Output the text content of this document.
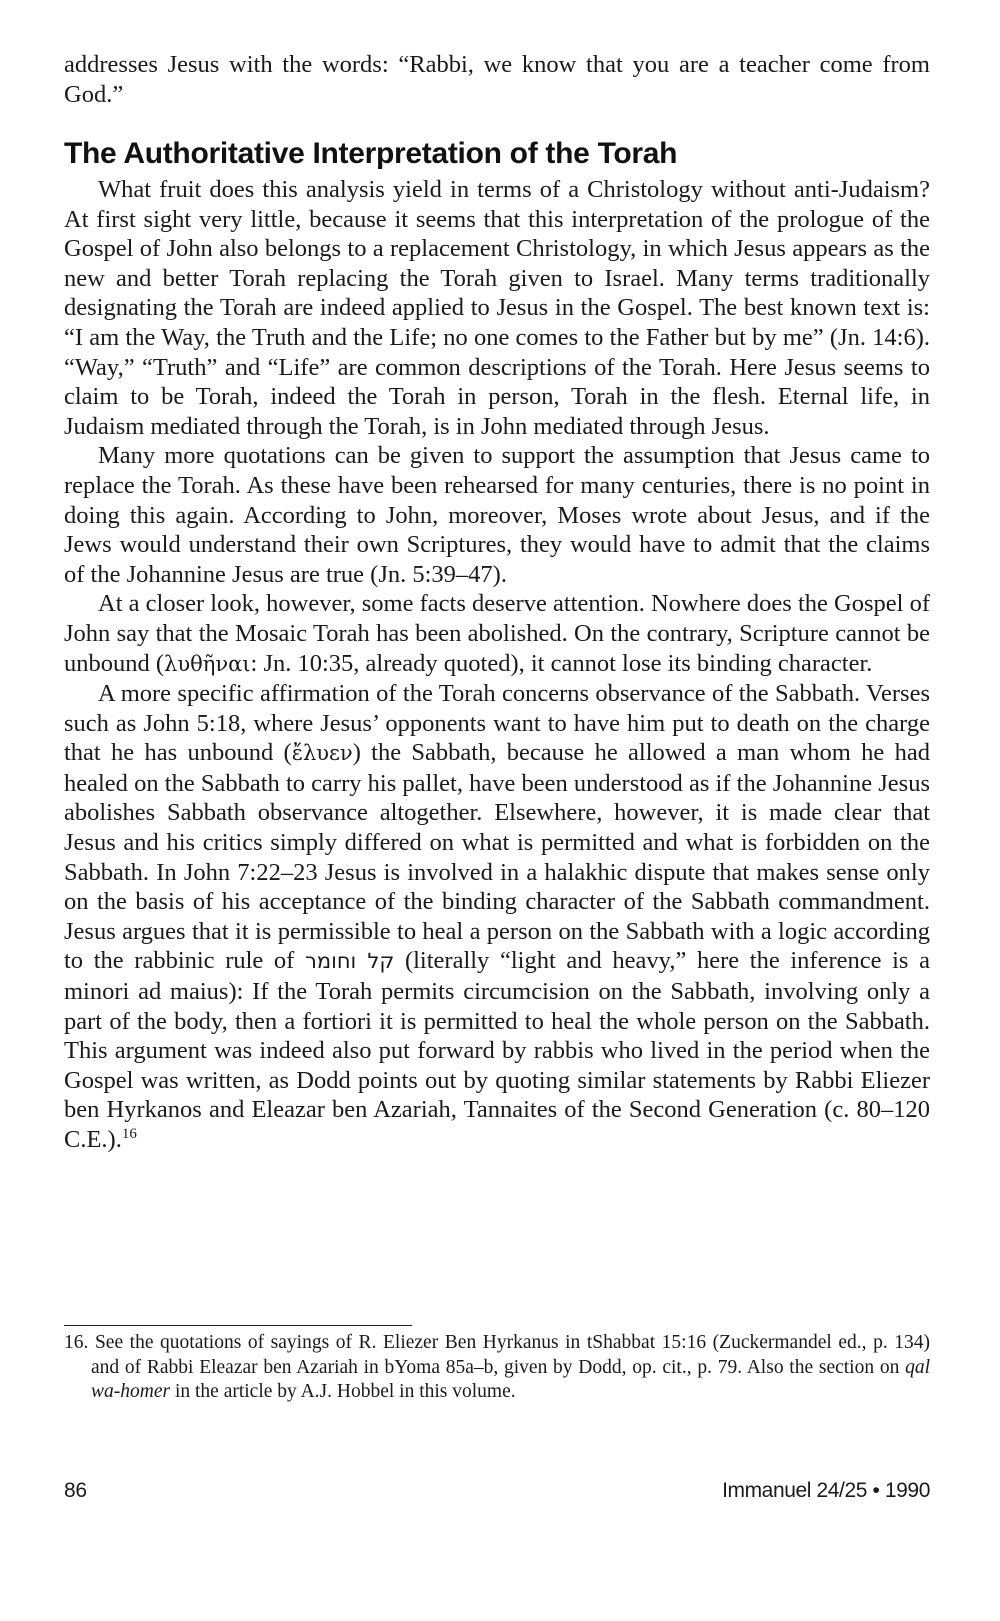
addresses Jesus with the words: “Rabbi, we know that you are a teacher come from God.”

The Authoritative Interpretation of the Torah

What fruit does this analysis yield in terms of a Christology without anti-Judaism? At first sight very little, because it seems that this interpretation of the prologue of the Gospel of John also belongs to a replacement Christology, in which Jesus appears as the new and better Torah replacing the Torah given to Israel. Many terms traditionally designating the Torah are indeed applied to Jesus in the Gospel. The best known text is: “I am the Way, the Truth and the Life; no one comes to the Father but by me” (Jn. 14:6). “Way,” “Truth” and “Life” are common descriptions of the Torah. Here Jesus seems to claim to be Torah, indeed the Torah in person, Torah in the flesh. Eternal life, in Judaism mediated through the Torah, is in John mediated through Jesus.

Many more quotations can be given to support the assumption that Jesus came to replace the Torah. As these have been rehearsed for many centuries, there is no point in doing this again. According to John, moreover, Moses wrote about Jesus, and if the Jews would understand their own Scriptures, they would have to admit that the claims of the Johannine Jesus are true (Jn. 5:39–47).

At a closer look, however, some facts deserve attention. Nowhere does the Gospel of John say that the Mosaic Torah has been abolished. On the contrary, Scripture cannot be unbound (λυθῆναι: Jn. 10:35, already quoted), it cannot lose its binding character.

A more specific affirmation of the Torah concerns observance of the Sabbath. Verses such as John 5:18, where Jesus’ opponents want to have him put to death on the charge that he has unbound (ἔλυεν) the Sabbath, because he allowed a man whom he had healed on the Sabbath to carry his pallet, have been understood as if the Johannine Jesus abolishes Sabbath observance altogether. Elsewhere, however, it is made clear that Jesus and his critics simply differed on what is permitted and what is forbidden on the Sabbath. In John 7:22–23 Jesus is involved in a halakhic dispute that makes sense only on the basis of his acceptance of the binding character of the Sabbath commandment. Jesus argues that it is permissible to heal a person on the Sabbath with a logic according to the rabbinic rule of קל וחומר (literally “light and heavy,” here the inference is a minori ad maius): If the Torah permits circumcision on the Sabbath, involving only a part of the body, then a fortiori it is permitted to heal the whole person on the Sabbath. This argument was indeed also put forward by rabbis who lived in the period when the Gospel was written, as Dodd points out by quoting similar statements by Rabbi Eliezer ben Hyrkanos and Eleazar ben Azariah, Tannaites of the Second Generation (c. 80–120 C.E.).$^{16}$

16. See the quotations of sayings of R. Eliezer Ben Hyrkanus in tShabbat 15:16 (Zuckermandel ed., p. 134) and of Rabbi Eleazar ben Azariah in bYoma 85a–b, given by Dodd, op. cit., p. 79. Also the section on qal wa-homer in the article by A.J. Hobbel in this volume.

86	Immanuel 24/25 • 1990
